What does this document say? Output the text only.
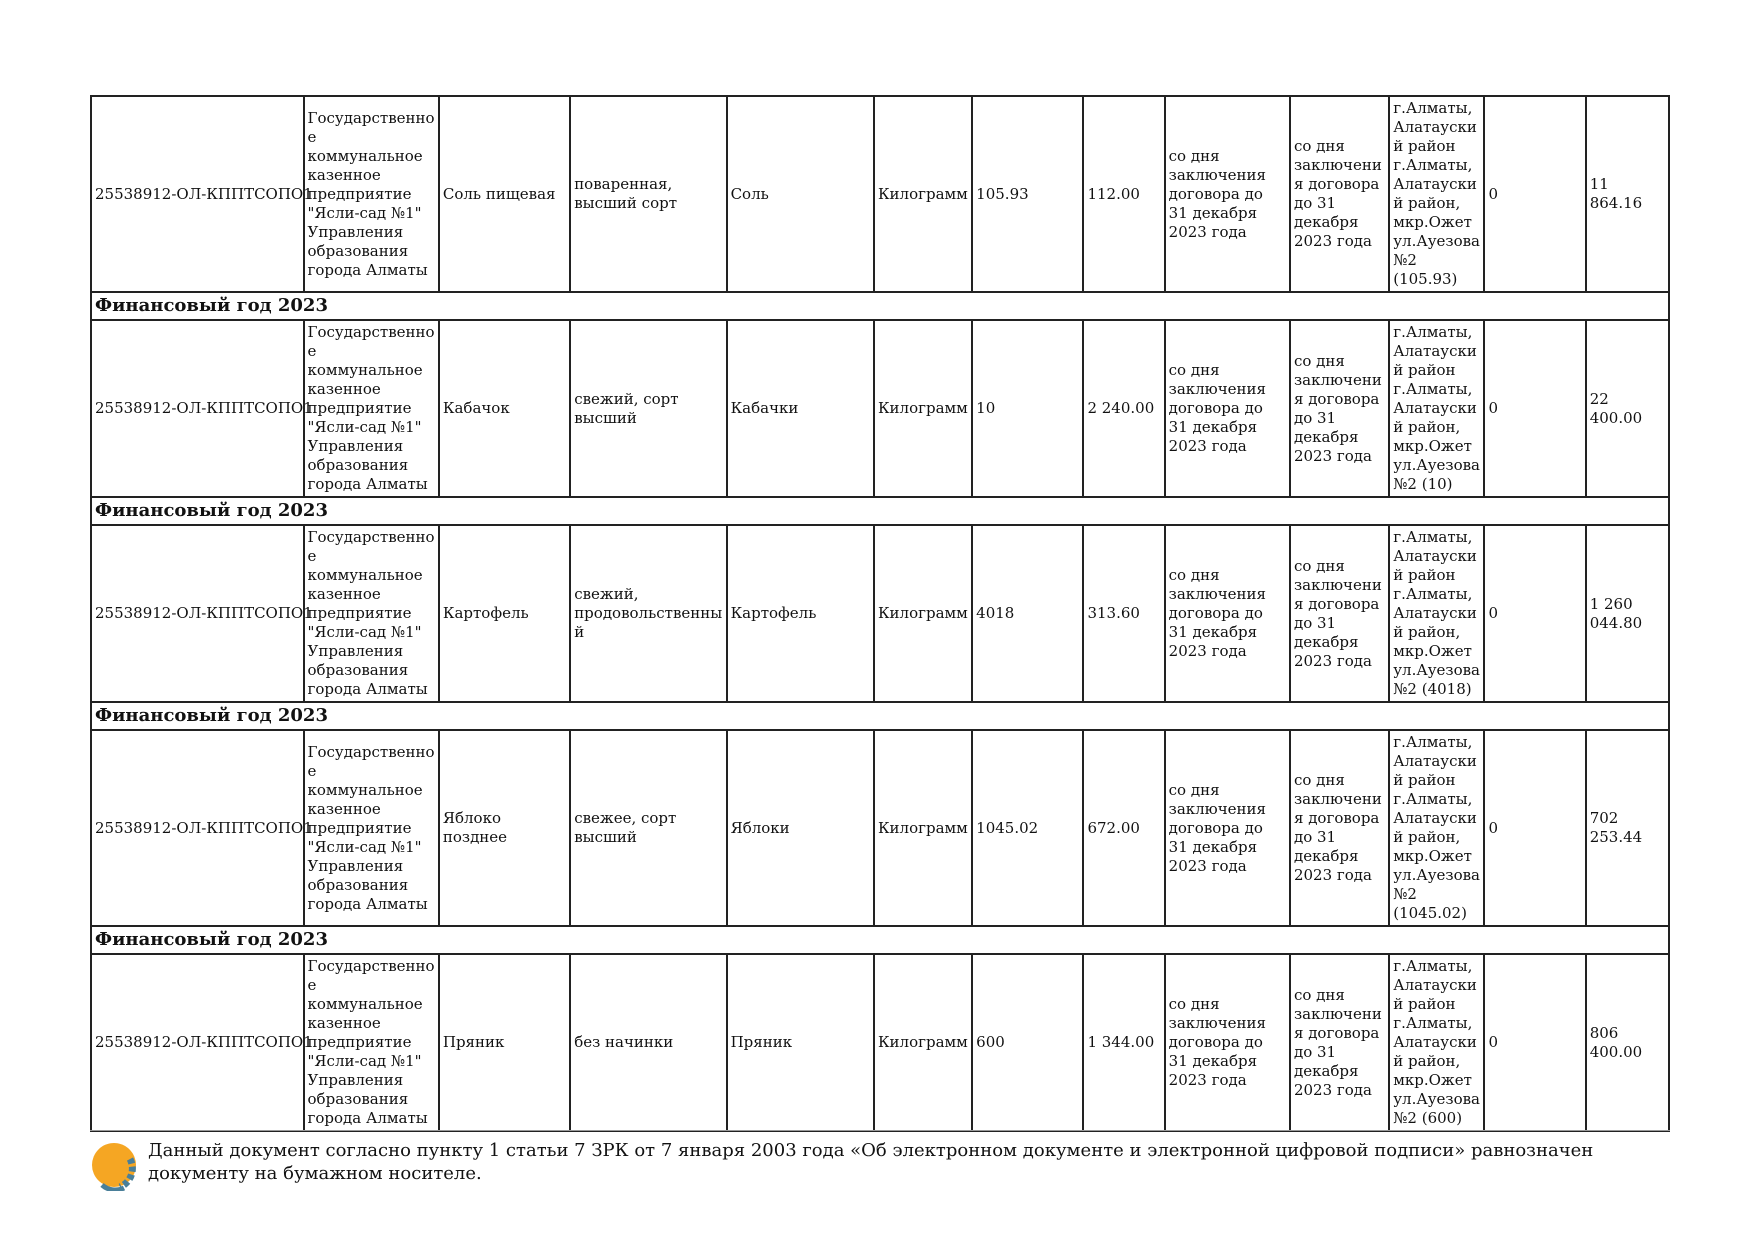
25538912-ОЛ-КППТСОПО1	Государственное коммунальное казенное предприятие "Ясли-сад №1" Управления образования города Алматы	Соль пищевая	поваренная, высший сорт	Соль	Килограмм	105.93	112.00	со дня заключения договора до 31 декабря 2023 года	со дня заключения договора до 31 декабря 2023 года	г.Алматы, Алатауский район г.Алматы, Алатауский район, мкр.Ожет ул.Ауезова №2 (105.93)	0	11 864.16
Финансовый год 2023												
25538912-ОЛ-КППТСОПО1	Государственное коммунальное казенное предприятие "Ясли-сад №1" Управления образования города Алматы	Кабачок	свежий, сорт высший	Кабачки	Килограмм	10	2 240.00	со дня заключения договора до 31 декабря 2023 года	со дня заключения договора до 31 декабря 2023 года	г.Алматы, Алатауский район г.Алматы, Алатауский район, мкр.Ожет ул.Ауезова №2 (10)	0	22 400.00
Финансовый год 2023												
25538912-ОЛ-КППТСОПО1	Государственное коммунальное казенное предприятие "Ясли-сад №1" Управления образования города Алматы	Картофель	свежий, продовольственный	Картофель	Килограмм	4018	313.60	со дня заключения договора до 31 декабря 2023 года	со дня заключения договора до 31 декабря 2023 года	г.Алматы, Алатауский район г.Алматы, Алатауский район, мкр.Ожет ул.Ауезова №2 (4018)	0	1 260 044.80
Финансовый год 2023												
25538912-ОЛ-КППТСОПО1	Государственное коммунальное казенное предприятие "Ясли-сад №1" Управления образования города Алматы	Яблоко позднее	свежее, сорт высший	Яблоки	Килограмм	1045.02	672.00	со дня заключения договора до 31 декабря 2023 года	со дня заключения договора до 31 декабря 2023 года	г.Алматы, Алатауский район г.Алматы, Алатауский район, мкр.Ожет ул.Ауезова №2 (1045.02)	0	702 253.44
Финансовый год 2023												
25538912-ОЛ-КППТСОПО1	Государственное коммунальное казенное предприятие "Ясли-сад №1" Управления образования города Алматы	Пряник	без начинки	Пряник	Килограмм	600	1 344.00	со дня заключения договора до 31 декабря 2023 года	со дня заключения договора до 31 декабря 2023 года	г.Алматы, Алатауский район г.Алматы, Алатауский район, мкр.Ожет ул.Ауезова №2 (600)	0	806 400.00
Данный документ согласно пункту 1 статьи 7 ЗРК от 7 января 2003 года «Об электронном документе и электронной цифровой подписи» равнозначен документу на бумажном носителе.
